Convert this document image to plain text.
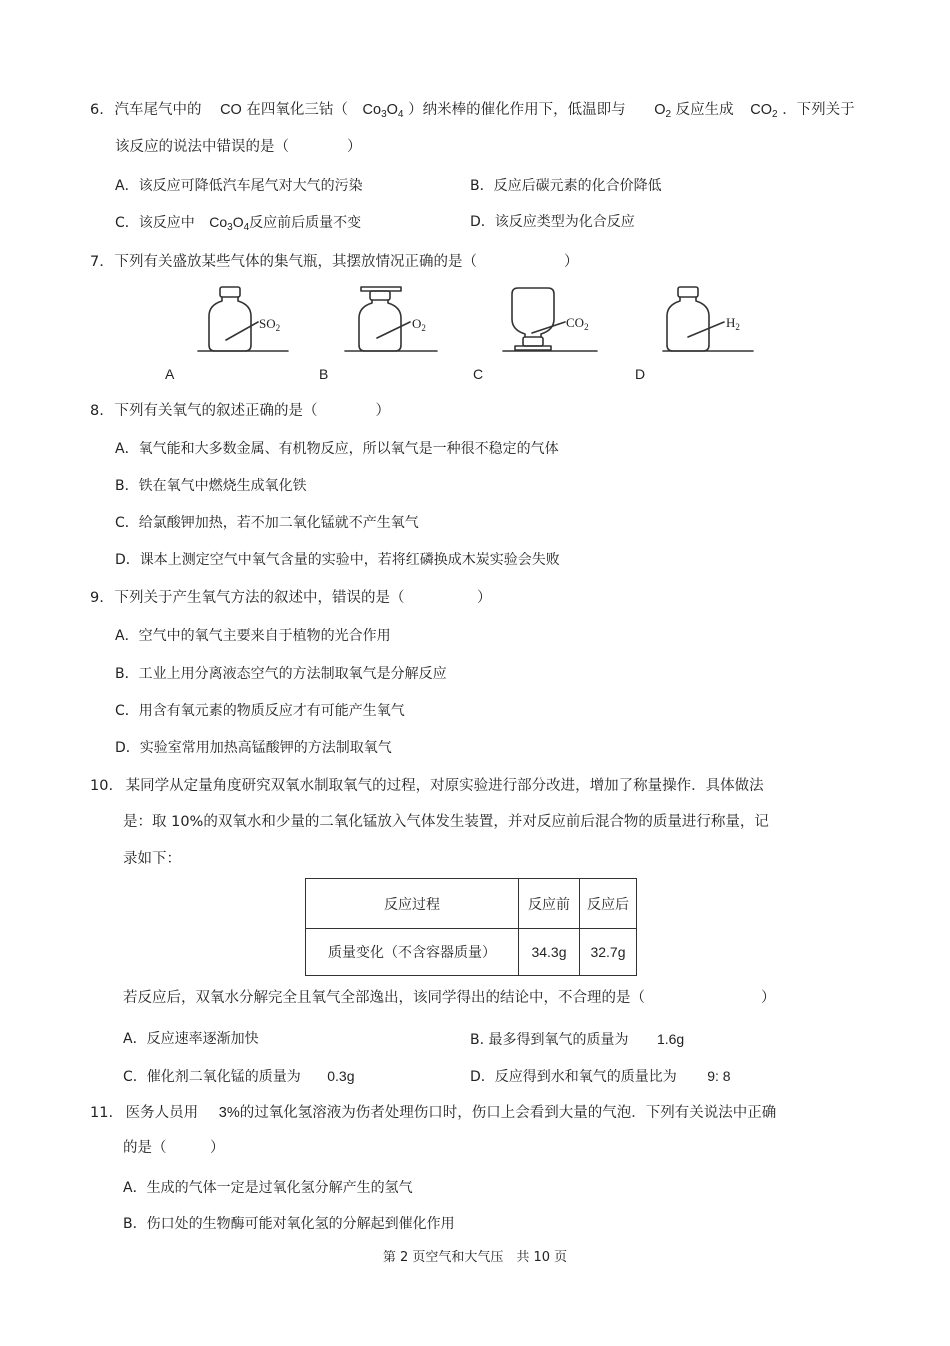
6. 汽车尾气中的 CO 在四氧化三钴（ $Co_3O_4$ ）纳米棒的催化作用下，低温即与 $O_2$ 反应生成 $CO_2$ ．下列关于
该反应的说法中错误的是（　　　　）
A．该反应可降低汽车尾气对大气的污染	B．反应后碳元素的化合价降低
C．该反应中 $Co_3O_4$反应前后质量不变	D．该反应类型为化合反应
7. 下列有关盛放某些气体的集气瓶，其摆放情况正确的是（　　　　　　）
$SO_2$	$O_2$	$CO_2$	$H_2$
A	B	C	D
8. 下列有关氧气的叙述正确的是（　　　　）
A．氧气能和大多数金属、有机物反应，所以氧气是一种很不稳定的气体
B．铁在氧气中燃烧生成氧化铁
C．给氯酸钾加热，若不加二氧化锰就不产生氧气
D．课本上测定空气中氧气含量的实验中，若将红磷换成木炭实验会失败
9. 下列关于产生氧气方法的叙述中，错误的是（　　　　　）
A．空气中的氧气主要来自于植物的光合作用
B．工业上用分离液态空气的方法制取氧气是分解反应
C．用含有氧元素的物质反应才有可能产生氧气
D．实验室常用加热高锰酸钾的方法制取氧气
10. 某同学从定量角度研究双氧水制取氧气的过程，对原实验进行部分改进，增加了称量操作．具体做法
是：取 10%的双氧水和少量的二氧化锰放入气体发生装置，并对反应前后混合物的质量进行称量，记
录如下：
反应过程	反应前	反应后
质量变化（不含容器质量）	34.3g	32.7g
若反应后，双氧水分解完全且氧气全部逸出，该同学得出的结论中，不合理的是（　　　　　　　　）
A．反应速率逐渐加快	B. 最多得到氧气的质量为 1.6g
C．催化剂二氧化锰的质量为 0.3g	D．反应得到水和氧气的质量比为 9: 8
11. 医务人员用 3%的过氧化氢溶液为伤者处理伤口时，伤口上会看到大量的气泡．下列有关说法中正确
的是（　　　）
A．生成的气体一定是过氧化氢分解产生的氢气
B．伤口处的生物酶可能对氧化氢的分解起到催化作用
第 2 页空气和大气压　共 10 页
